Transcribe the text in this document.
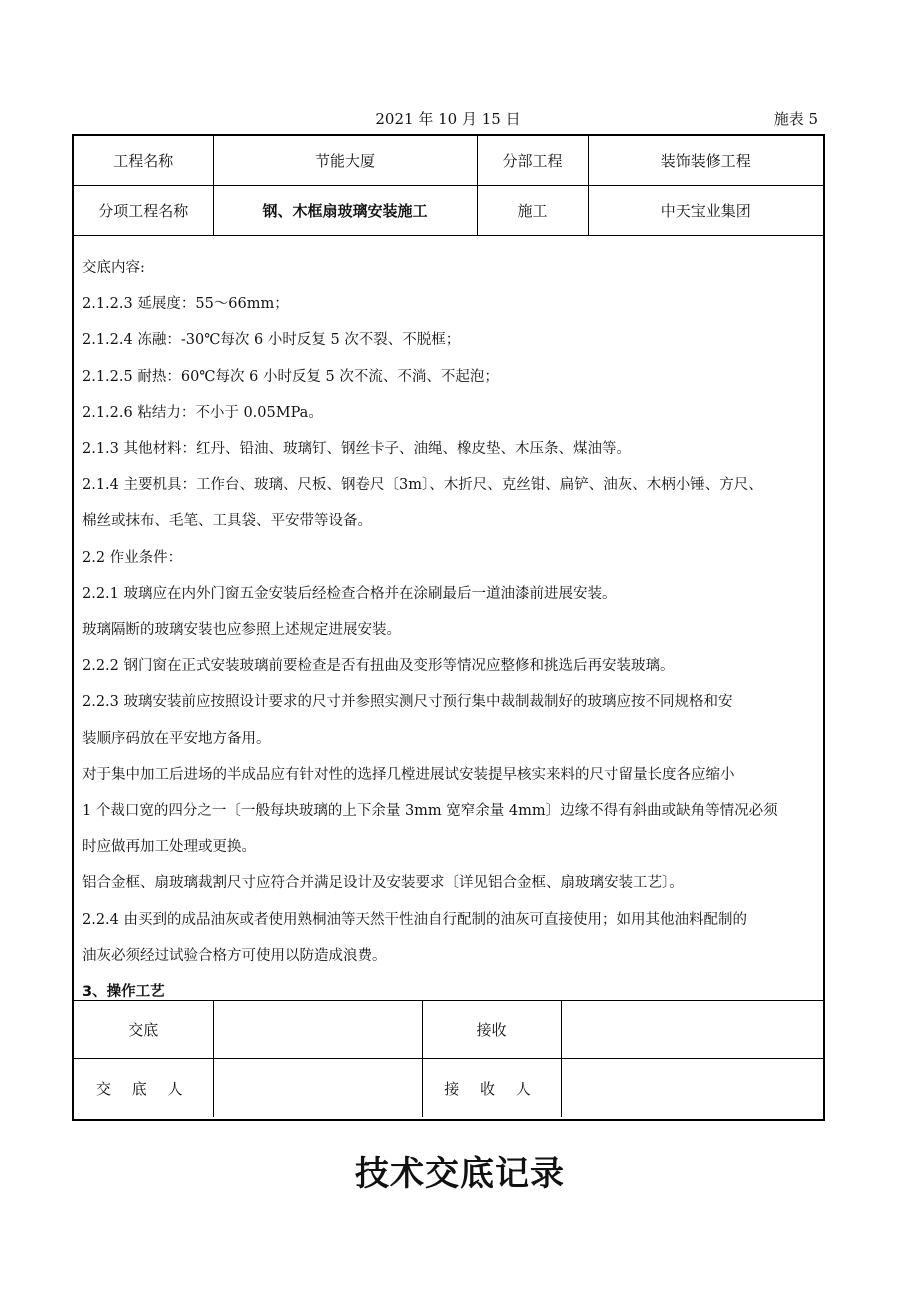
2021 年 10 月 15 日	施表 5
工程名称	节能大厦	分部工程	装饰装修工程
分项工程名称	钢、木框扇玻璃安装施工	施工	中天宝业集团
交底内容:
2.1.2.3 延展度：55～66mm；
2.1.2.4 冻融：-30℃每次 6 小时反复 5 次不裂、不脱框；
2.1.2.5 耐热：60℃每次 6 小时反复 5 次不流、不淌、不起泡；
2.1.2.6 粘结力：不小于 0.05MPa。
2.1.3 其他材料：红丹、铅油、玻璃钉、钢丝卡子、油绳、橡皮垫、木压条、煤油等。
2.1.4 主要机具：工作台、玻璃、尺板、钢卷尺〔3m〕、木折尺、克丝钳、扁铲、油灰、木柄小锤、方尺、
棉丝或抹布、毛笔、工具袋、平安带等设备。
2.2 作业条件：
2.2.1 玻璃应在内外门窗五金安装后经检查合格并在涂刷最后一道油漆前进展安装。
玻璃隔断的玻璃安装也应参照上述规定进展安装。
2.2.2 钢门窗在正式安装玻璃前要检查是否有扭曲及变形等情况应整修和挑选后再安装玻璃。
2.2.3 玻璃安装前应按照设计要求的尺寸并参照实测尺寸预行集中裁制裁制好的玻璃应按不同规格和安
装顺序码放在平安地方备用。
对于集中加工后进场的半成品应有针对性的选择几樘进展试安装提早核实来料的尺寸留量长度各应缩小
1 个裁口宽的四分之一〔一般每块玻璃的上下余量 3mm 宽窄余量 4mm〕边缘不得有斜曲或缺角等情况必须
时应做再加工处理或更换。
铝合金框、扇玻璃裁割尺寸应符合并满足设计及安装要求〔详见铝合金框、扇玻璃安装工艺〕。
2.2.4 由买到的成品油灰或者使用熟桐油等天然干性油自行配制的油灰可直接使用；如用其他油料配制的
油灰必须经过试验合格方可使用以防造成浪费。
3、操作工艺
交底		接收	
交 底 人		接 收 人	
技术交底记录
